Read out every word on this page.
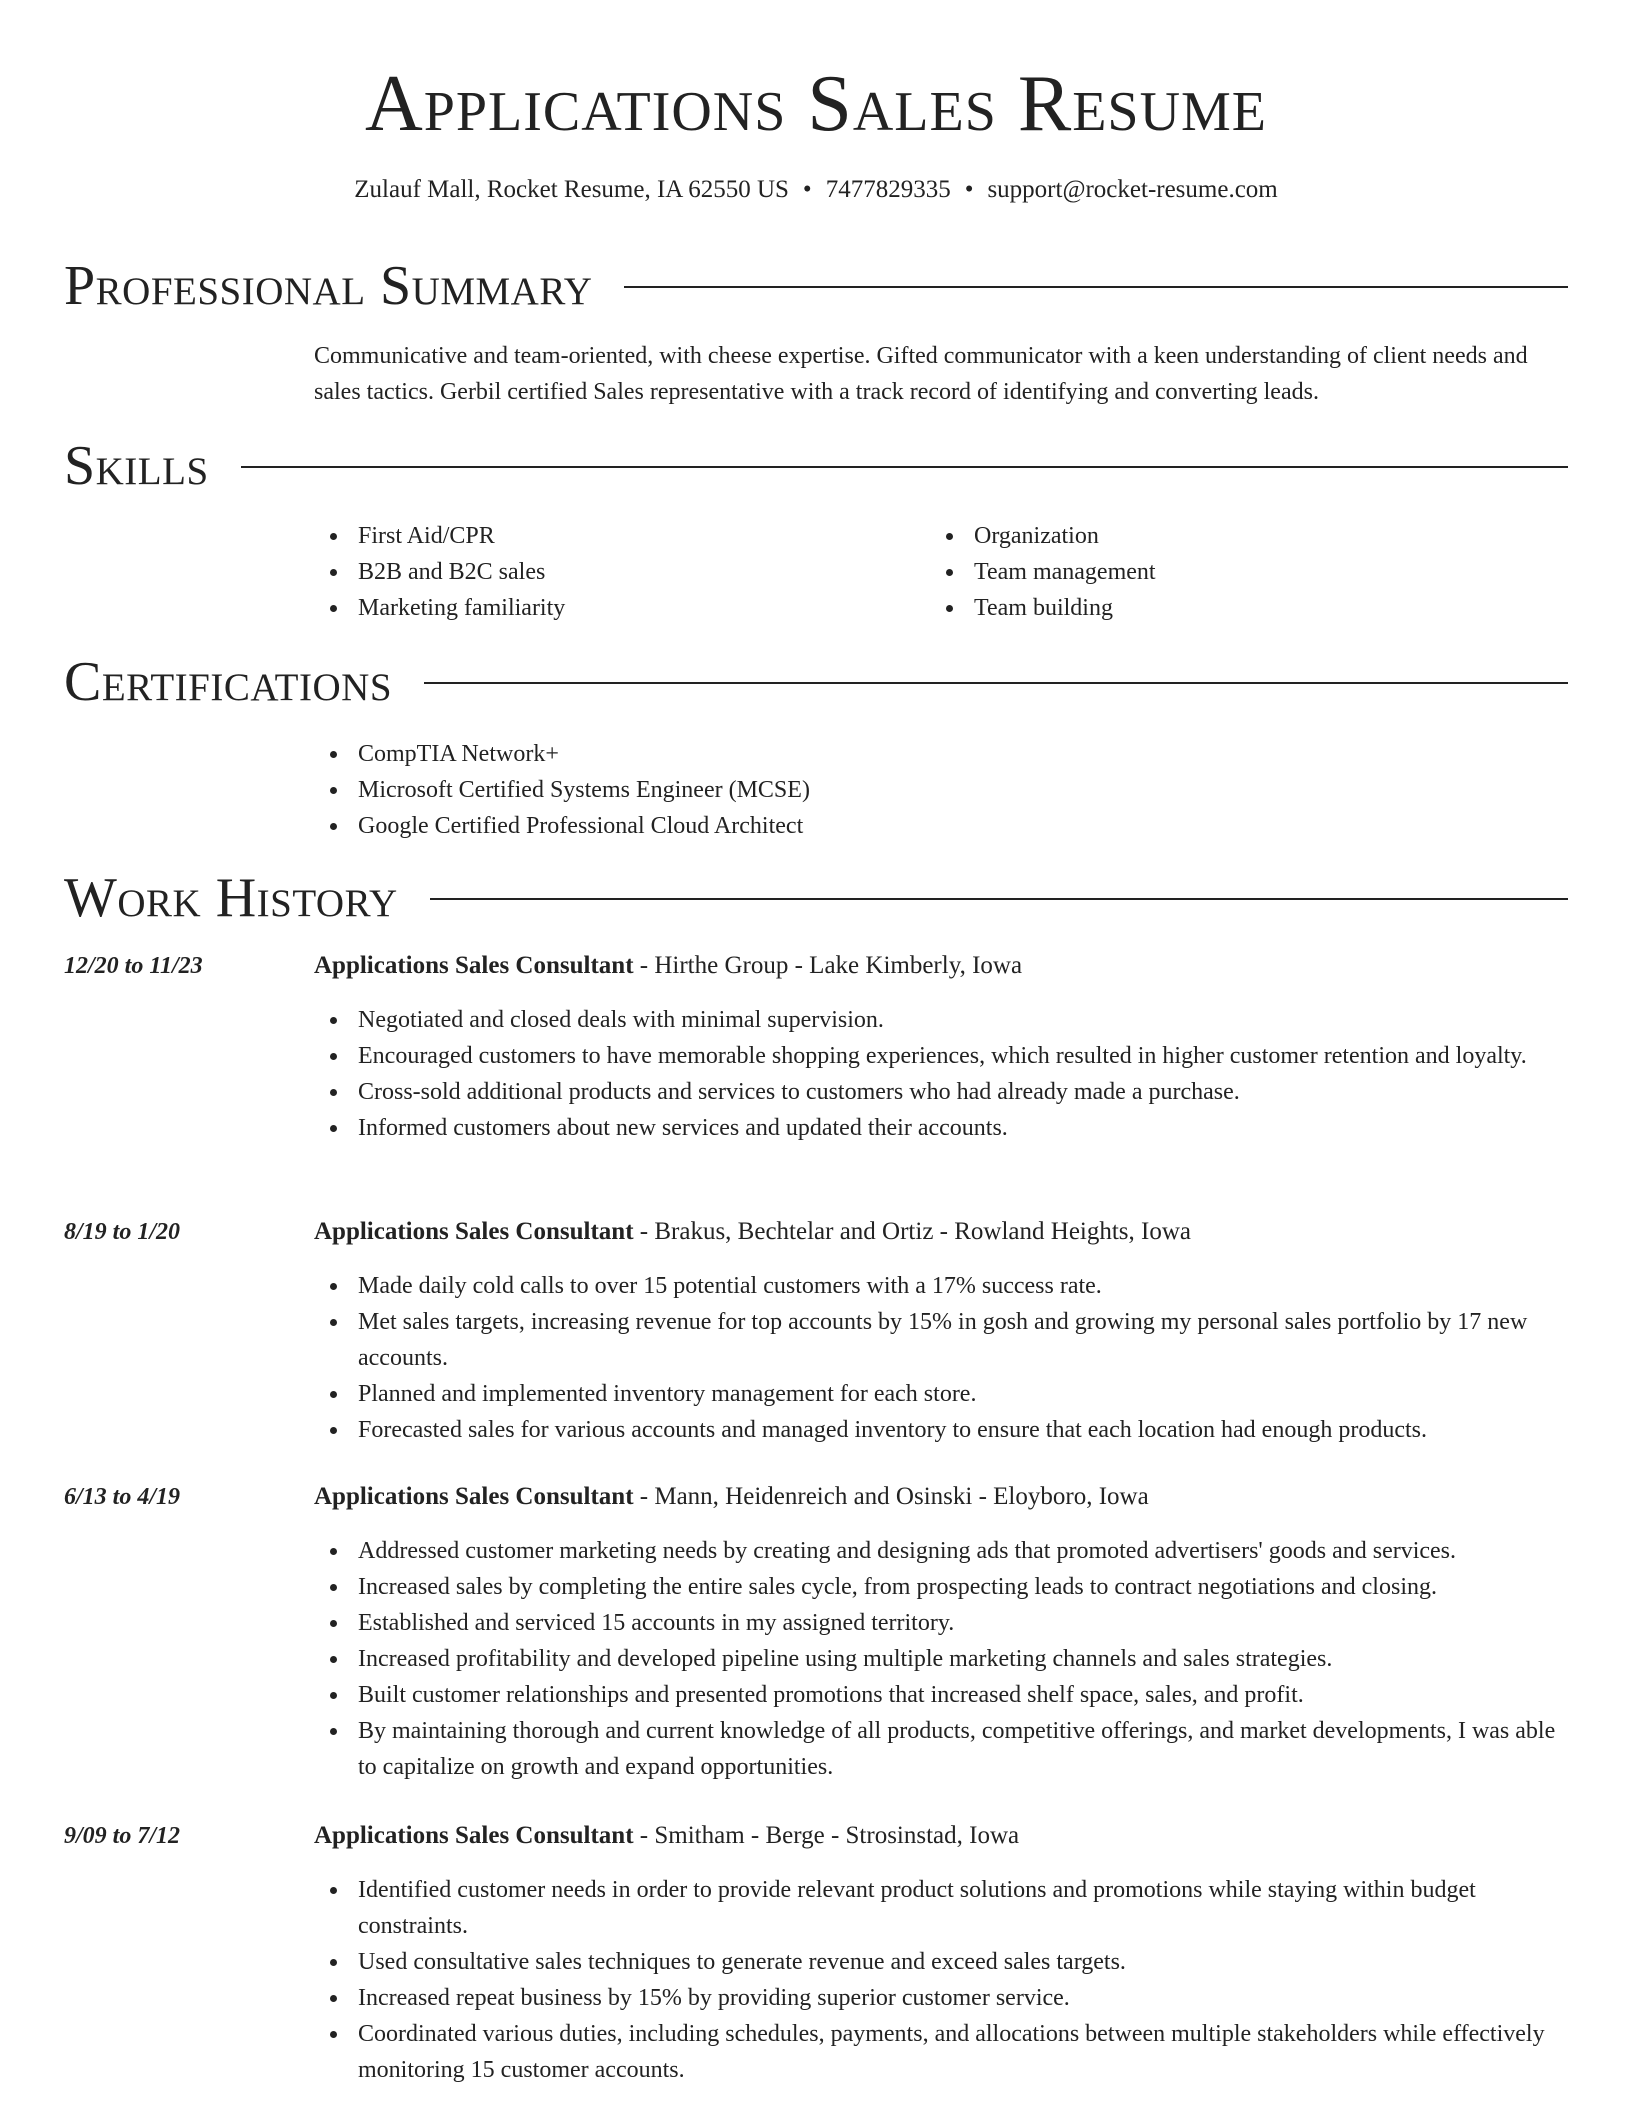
Applications Sales Resume
Zulauf Mall, Rocket Resume, IA 62550 US • 7477829335 • support@rocket-resume.com
Professional Summary

Communicative and team-oriented, with cheese expertise. Gifted communicator with a keen understanding of client needs and sales tactics. Gerbil certified Sales representative with a track record of identifying and converting leads.

Skills
First Aid/CPR
B2B and B2C sales
Marketing familiarity
Organization
Team management
Team building
Certifications
CompTIA Network+
Microsoft Certified Systems Engineer (MCSE)
Google Certified Professional Cloud Architect
Work History
12/20 to 11/23	Applications Sales Consultant - Hirthe Group - Lake Kimberly, Iowa
Negotiated and closed deals with minimal supervision.
Encouraged customers to have memorable shopping experiences, which resulted in higher customer retention and loyalty.
Cross-sold additional products and services to customers who had already made a purchase.
Informed customers about new services and updated their accounts.
8/19 to 1/20	Applications Sales Consultant - Brakus, Bechtelar and Ortiz - Rowland Heights, Iowa
Made daily cold calls to over 15 potential customers with a 17% success rate.
Met sales targets, increasing revenue for top accounts by 15% in gosh and growing my personal sales portfolio by 17 new accounts.
Planned and implemented inventory management for each store.
Forecasted sales for various accounts and managed inventory to ensure that each location had enough products.
6/13 to 4/19	Applications Sales Consultant - Mann, Heidenreich and Osinski - Eloyboro, Iowa
Addressed customer marketing needs by creating and designing ads that promoted advertisers' goods and services.
Increased sales by completing the entire sales cycle, from prospecting leads to contract negotiations and closing.
Established and serviced 15 accounts in my assigned territory.
Increased profitability and developed pipeline using multiple marketing channels and sales strategies.
Built customer relationships and presented promotions that increased shelf space, sales, and profit.
By maintaining thorough and current knowledge of all products, competitive offerings, and market developments, I was able to capitalize on growth and expand opportunities.
9/09 to 7/12	Applications Sales Consultant - Smitham - Berge - Strosinstad, Iowa
Identified customer needs in order to provide relevant product solutions and promotions while staying within budget constraints.
Used consultative sales techniques to generate revenue and exceed sales targets.
Increased repeat business by 15% by providing superior customer service.
Coordinated various duties, including schedules, payments, and allocations between multiple stakeholders while effectively monitoring 15 customer accounts.
